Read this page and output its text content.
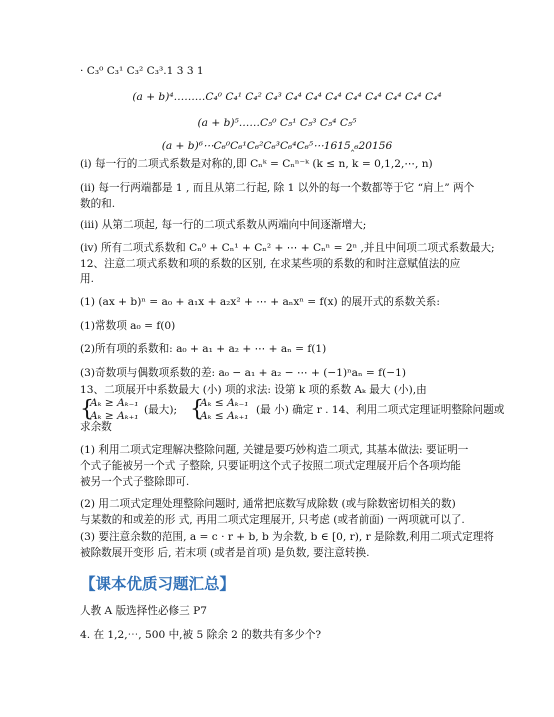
· C₃⁰ C₃¹ C₃² C₃³.1 3 3 1
(a + b)⁴………C₄⁰ C₄¹ C₄² C₄³ C₄⁴ C₄⁴ C₄⁴ C₄⁴ C₄⁴ C₄⁴ C₄⁴ C₄⁴
(a + b)⁵……C₅⁰ C₅¹ C₅³ C₅⁴ C₅⁵
(a + b)⁶⋯C₆⁰C₆¹C₆²C₆³C₆⁴C₆⁵⋯1615‸₆20156
(i) 每一行的二项式系数是对称的,即 Cₙᵏ = Cₙⁿ⁻ᵏ (k ≤ n, k = 0,1,2,⋯, n)
(ii) 每一行两端都是 1 , 而且从第二行起, 除 1 以外的每一个数都等于它 “肩上” 两个
数的和.
(iii) 从第二项起, 每一行的二项式系数从两端向中间逐渐增大;
(iv) 所有二项式系数和 Cₙ⁰ + Cₙ¹ + Cₙ² + ⋯ + Cₙⁿ = 2ⁿ ,并且中间项二项式系数最大;
12、注意二项式系数和项的系数的区别, 在求某些项的系数的和时注意赋值法的应
用.
(1) (ax + b)ⁿ = a₀ + a₁x + a₂x² + ⋯ + aₙxⁿ = f(x) 的展开式的系数关系:
(1)常数项 a₀ = f(0)
(2)所有项的系数和: a₀ + a₁ + a₂ + ⋯ + aₙ = f(1)
(3)奇数项与偶数项系数的差: a₀ − a₁ + a₂ − ⋯ + (−1)ⁿaₙ = f(−1)
13、二项展开中系数最大 (小) 项的求法: 设第 k 项的系数 Aₖ 最大 (小),由
{
Aₖ ≥ Aₖ₋₁
Aₖ ≥ Aₖ₊₁ (最大); {
Aₖ ≤ Aₖ₋₁
Aₖ ≤ Aₖ₊₁ (最 小) 确定 r . 14、利用二项式定理证明整除问题或
求余数
(1) 利用二项式定理解决整除问题, 关键是要巧妙构造二项式, 其基本做法: 要证明一
个式子能被另一个式 子整除, 只要证明这个式子按照二项式定理展开后个各项均能
被另一个式子整除即可.
(2) 用二项式定理处理整除问题时, 通常把底数写成除数 (或与除数密切相关的数)
与某数的和或差的形 式, 再用二项式定理展开, 只考虑 (或者前面) 一两项就可以了.
(3) 要注意余数的范围, a = c · r + b, b 为余数, b ∈ [0, r), r 是除数,利用二项式定理将
被除数展开变形 后, 若末项 (或者是首项) 是负数, 要注意转换.
【课本优质习题汇总】
人教 A 版选择性必修三 P7
4. 在 1,2,⋯, 500 中,被 5 除余 2 的数共有多少个?
